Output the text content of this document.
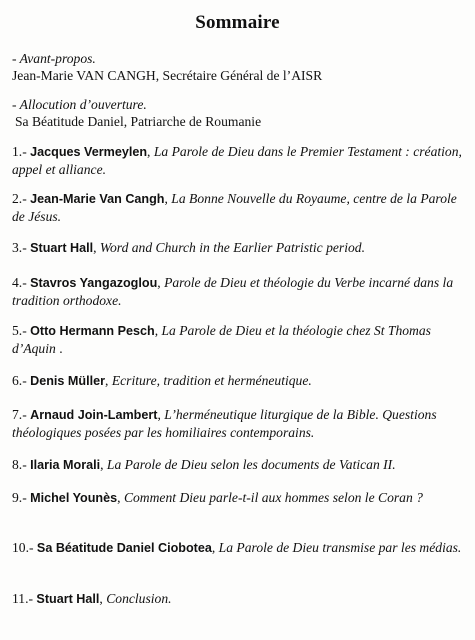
Sommaire
- Avant-propos.
Jean-Marie VAN CANGH, Secrétaire Général de l’AISR
- Allocution d’ouverture.
Sa Béatitude Daniel, Patriarche de Roumanie
1.- Jacques Vermeylen, La Parole de Dieu dans le Premier Testament : création, appel et alliance.
2.- Jean-Marie Van Cangh, La Bonne Nouvelle du Royaume, centre de la Parole de Jésus.
3.- Stuart Hall, Word and Church in the Earlier Patristic period.
4.- Stavros Yangazoglou, Parole de Dieu et théologie du Verbe incarné dans la tradition orthodoxe.
5.- Otto Hermann Pesch, La Parole de Dieu et la théologie chez St Thomas d’Aquin .
6.- Denis Müller, Ecriture, tradition et herméneutique.
7.- Arnaud Join-Lambert, L’herméneutique liturgique de la Bible. Questions théologiques posées par les homiliaires contemporains.
8.- Ilaria Morali, La Parole de Dieu selon les documents de Vatican II.
9.- Michel Younès, Comment Dieu parle-t-il aux hommes selon le Coran ?
10.- Sa Béatitude Daniel Ciobotea, La Parole de Dieu transmise par les médias.
11.- Stuart Hall, Conclusion.
